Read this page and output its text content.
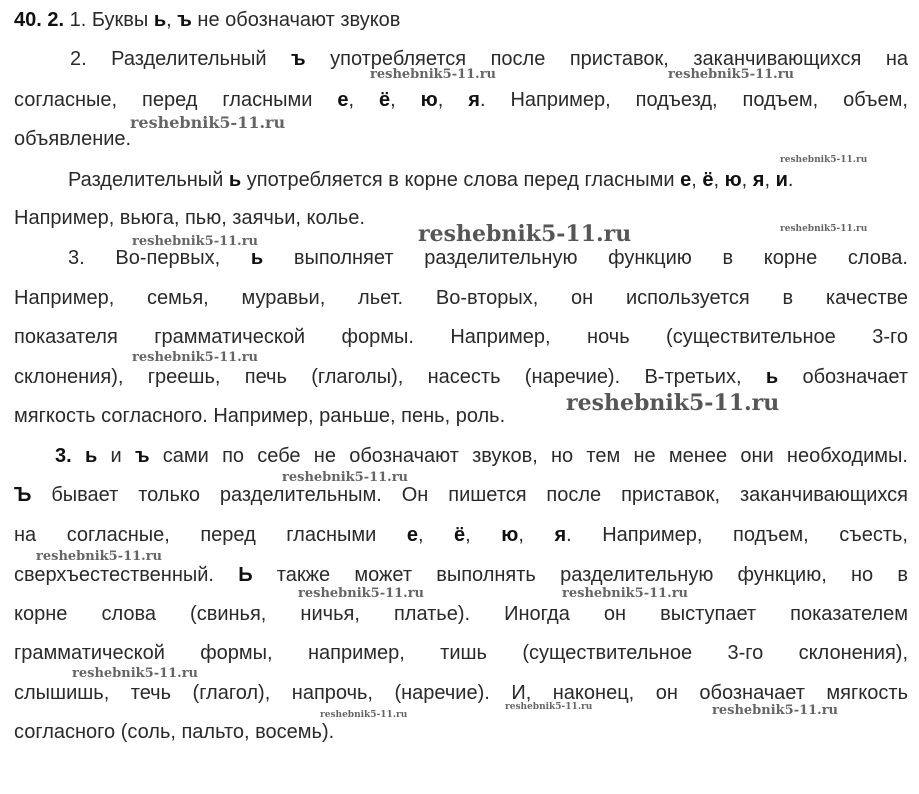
40. 2. 1. Буквы ь, ъ не обозначают звуков
2. Разделительный ъ употребляется после приставок, заканчивающихся на
согласные, перед гласными е, ё, ю, я. Например, подъезд, подъем, объем,
объявление.
Разделительный ь употребляется в корне слова перед гласными е, ё, ю, я, и.
Например, вьюга, пью, заячьи, колье.
3. Во-первых, ь выполняет разделительную функцию в корне слова.
Например, семья, муравьи, льет. Во-вторых, он используется в качестве
показателя грамматической формы. Например, ночь (существительное 3-го
склонения), греешь, печь (глаголы), насесть (наречие). В-третьих, ь обозначает
мягкость согласного. Например, раньше, пень, роль.
3. ь и ъ сами по себе не обозначают звуков, но тем не менее они необходимы.
Ъ бывает только разделительным. Он пишется после приставок, заканчивающихся
на согласные, перед гласными е, ё, ю, я. Например, подъем, съесть,
сверхъестественный. Ь также может выполнять разделительную функцию, но в
корне слова (свинья, ничья, платье). Иногда он выступает показателем
грамматической формы, например, тишь (существительное 3-го склонения),
слышишь, течь (глагол), напрочь, (наречие). И, наконец, он обозначает мягкость
согласного (соль, пальто, восемь).
reshebnik5-11.ru	reshebnik5-11.ru
reshebnik5-11.ru
reshebnik5-11.ru
reshebnik5-11.ru
reshebnik5-11.ru
reshebnik5-11.ru
reshebnik5-11.ru
reshebnik5-11.ru
reshebnik5-11.ru
reshebnik5-11.ru
reshebnik5-11.ru	reshebnik5-11.ru
reshebnik5-11.ru
reshebnik5-11.ru
reshebnik5-11.ru	reshebnik5-11.ru
